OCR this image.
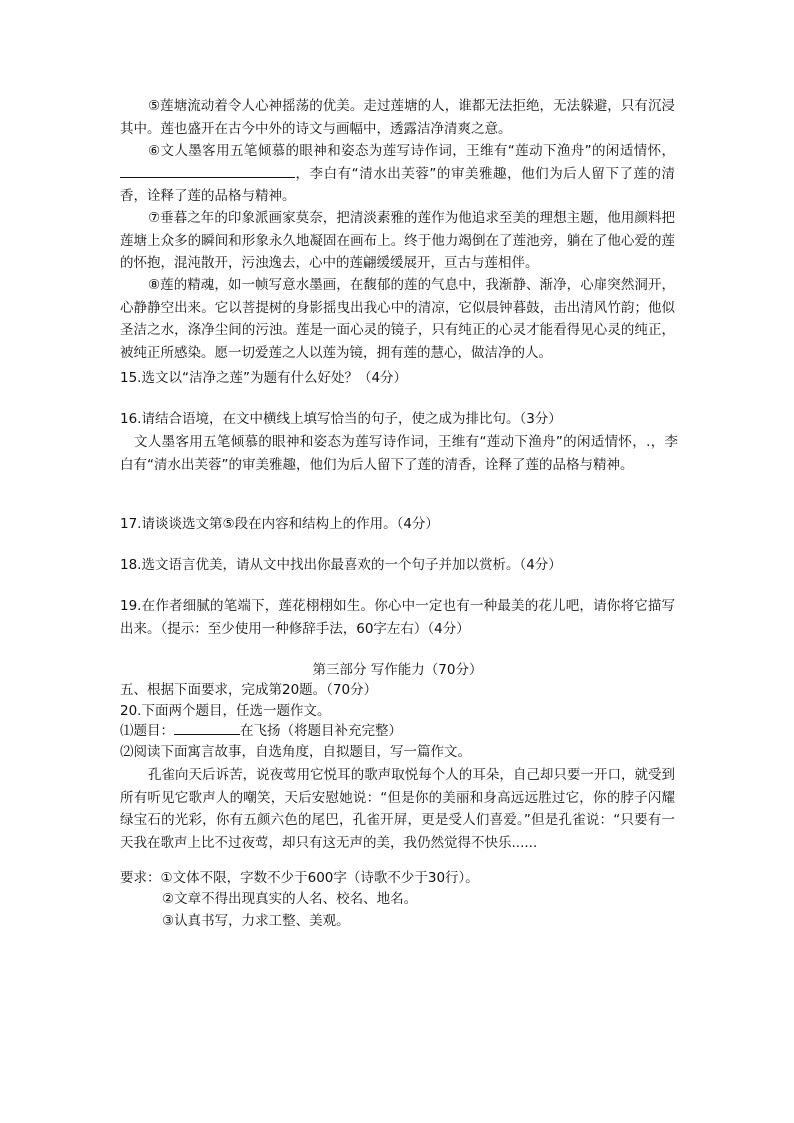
⑤莲塘流动着令人心神摇荡的优美。走过莲塘的人，谁都无法拒绝，无法躲避，只有沉浸其中。莲也盛开在古今中外的诗文与画幅中，透露洁净清爽之意。

⑥文人墨客用五笔倾慕的眼神和姿态为莲写诗作词，王维有“莲动下渔舟”的闲适情怀，，李白有“清水出芙蓉”的审美雅趣，他们为后人留下了莲的清香，诠释了莲的品格与精神。

⑦垂暮之年的印象派画家莫奈，把清淡素雅的莲作为他追求至美的理想主题，他用颜料把莲塘上众多的瞬间和形象永久地凝固在画布上。终于他力竭倒在了莲池旁，躺在了他心爱的莲的怀抱，混沌散开，污浊逸去，心中的莲翩缓缓展开，亘古与莲相伴。

⑧莲的精魂，如一帧写意水墨画，在馥郁的莲的气息中，我渐静、渐净，心扉突然洞开，心静静空出来。它以菩提树的身影摇曳出我心中的清凉，它似晨钟暮鼓，击出清风竹韵；他似圣洁之水，涤净尘间的污浊。莲是一面心灵的镜子，只有纯正的心灵才能看得见心灵的纯正，被纯正所感染。愿一切爱莲之人以莲为镜，拥有莲的慧心，做洁净的人。

15.选文以“洁净之莲”为题有什么好处？（4分）

16.请结合语境，在文中横线上填写恰当的句子，使之成为排比句。（3分）

文人墨客用五笔倾慕的眼神和姿态为莲写诗作词，王维有“莲动下渔舟”的闲适情怀，.，李白有“清水出芙蓉”的审美雅趣，他们为后人留下了莲的清香，诠释了莲的品格与精神。

17.请谈谈选文第⑤段在内容和结构上的作用。（4分）

18.选文语言优美，请从文中找出你最喜欢的一个句子并加以赏析。（4分）

19.在作者细腻的笔端下，莲花栩栩如生。你心中一定也有一种最美的花儿吧，请你将它描写出来。（提示：至少使用一种修辞手法，60字左右）（4分）

第三部分 写作能力（70分）

五、根据下面要求，完成第20题。（70分）

20.下面两个题目，任选一题作文。

⑴题目：	在飞扬（将题目补充完整）

⑵阅读下面寓言故事，自选角度，自拟题目，写一篇作文。

孔雀向天后诉苦，说夜莺用它悦耳的歌声取悦每个人的耳朵，自己却只要一开口，就受到所有听见它歌声人的嘲笑，天后安慰她说：“但是你的美丽和身高远远胜过它，你的脖子闪耀绿宝石的光彩，你有五颜六色的尾巴，孔雀开屏，更是受人们喜爱。”但是孔雀说：“只要有一天我在歌声上比不过夜莺，却只有这无声的美，我仍然觉得不快乐......

要求：①文体不限，字数不少于600字（诗歌不少于30行）。

②文章不得出现真实的人名、校名、地名。

③认真书写，力求工整、美观。
